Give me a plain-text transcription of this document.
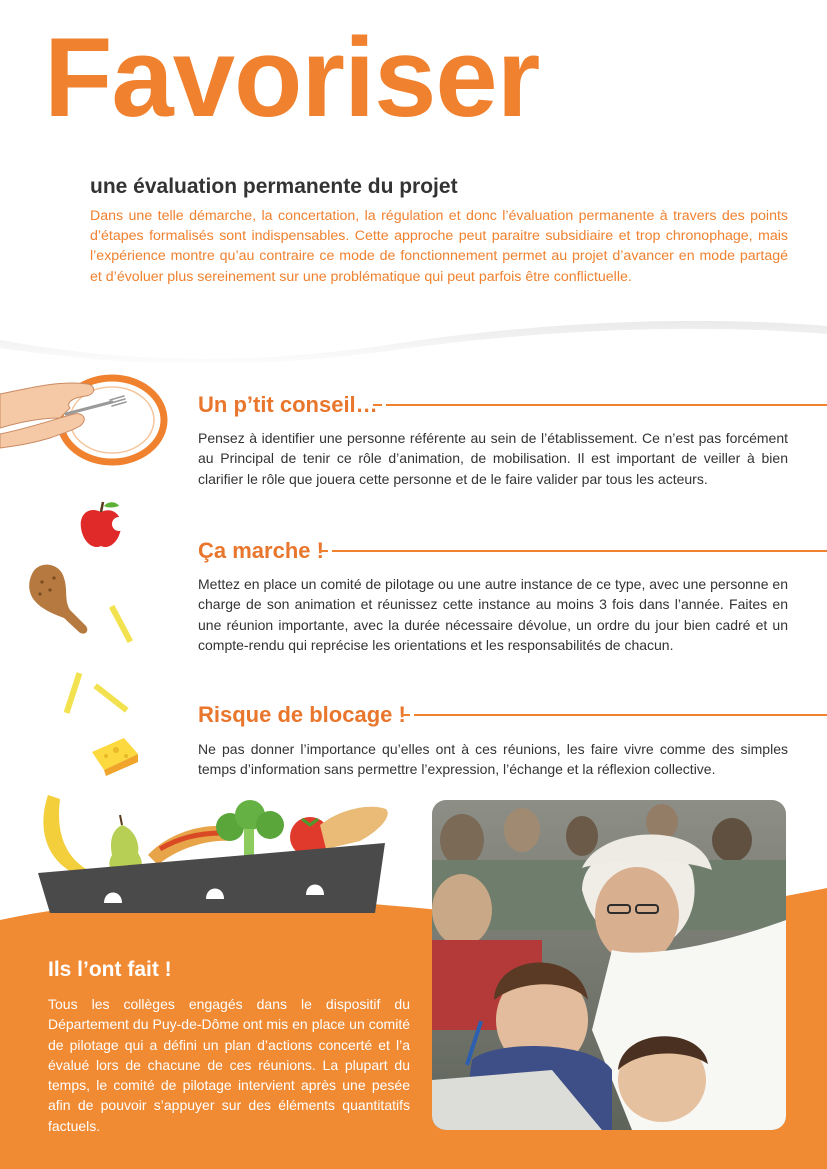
Favoriser
une évaluation permanente du projet

Dans une telle démarche, la concertation, la régulation et donc l’évaluation permanente à travers des points d’étapes formalisés sont indispensables. Cette approche peut paraitre subsidiaire et trop chronophage, mais l’expérience montre qu’au contraire ce mode de fonctionnement permet au projet d’avancer en mode partagé et d’évoluer plus sereinement sur une problématique qui peut parfois être conflictuelle.

Un p’tit conseil…

Pensez à identifier une personne référente au sein de l’établissement. Ce n’est pas forcément au Principal de tenir ce rôle d’animation, de mobilisation. Il est important de veiller à bien clarifier le rôle que jouera cette personne et de le faire valider par tous les acteurs.

Ça marche !

Mettez en place un comité de pilotage ou une autre instance de ce type, avec une personne en charge de son animation et réunissez cette instance au moins 3 fois dans l’année. Faites en une réunion importante, avec la durée nécessaire dévolue, un ordre du jour bien cadré et un compte-rendu qui reprécise les orientations et les responsabilités de chacun.

Risque de blocage !

Ne pas donner l’importance qu’elles ont à ces réunions, les faire vivre comme des simples temps d’information sans permettre l’expression, l’échange et la réflexion collective.

Ils l’ont fait !

Tous les collèges engagés dans le dispositif du Département du Puy-de-Dôme ont mis en place un comité de pilotage qui a défini un plan d’actions concerté et l’a évalué lors de chacune de ces réunions. La plupart du temps, le comité de pilotage intervient après une pesée afin de pouvoir s’appuyer sur des éléments quantitatifs factuels.
